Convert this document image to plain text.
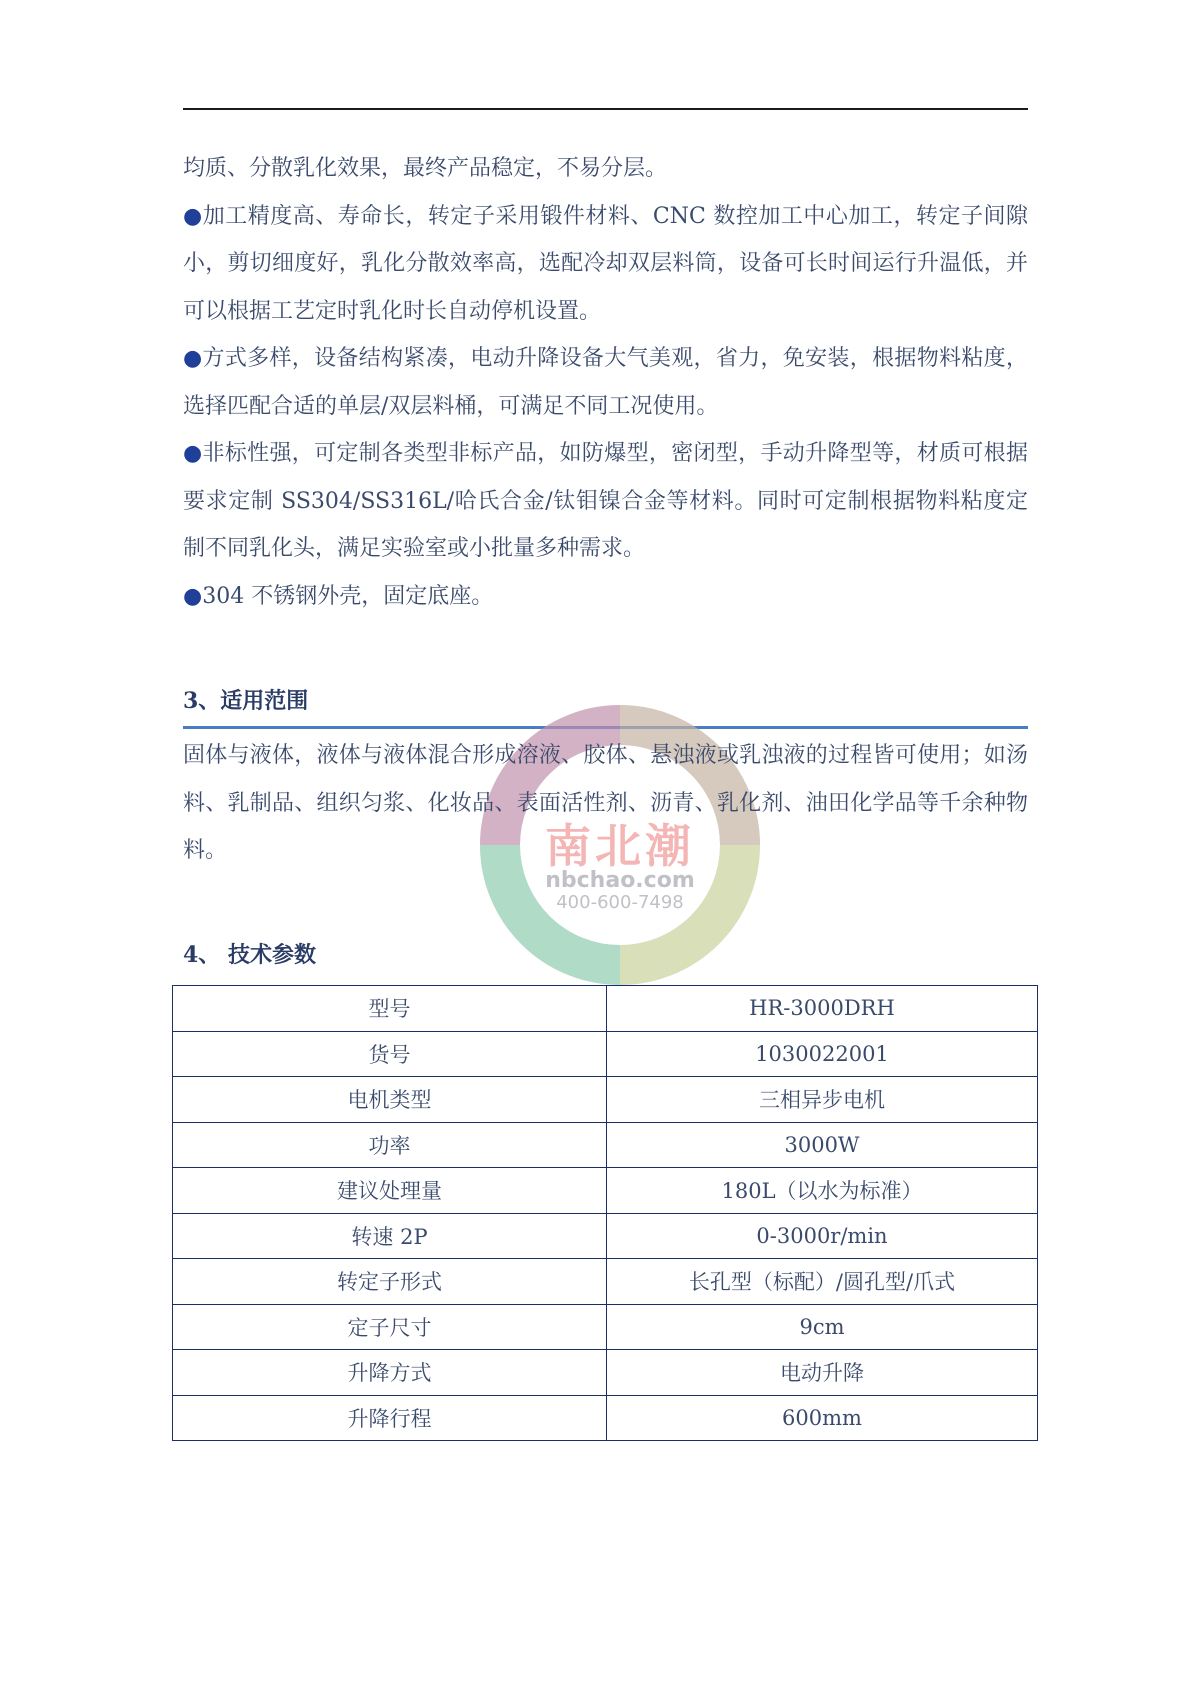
均质、分散乳化效果，最终产品稳定，不易分层。

●加工精度高、寿命长，转定子采用锻件材料、CNC 数控加工中心加工，转定子间隙小，剪切细度好，乳化分散效率高，选配冷却双层料筒，设备可长时间运行升温低，并可以根据工艺定时乳化时长自动停机设置。

●方式多样，设备结构紧凑，电动升降设备大气美观，省力，免安装，根据物料粘度，选择匹配合适的单层/双层料桶，可满足不同工况使用。

●非标性强，可定制各类型非标产品，如防爆型，密闭型，手动升降型等，材质可根据要求定制 SS304/SS316L/哈氏合金/钛钼镍合金等材料。同时可定制根据物料粘度定制不同乳化头，满足实验室或小批量多种需求。

●304 不锈钢外壳，固定底座。

3、适用范围
南北潮
nbchao.com
400-600-7498

固体与液体，液体与液体混合形成溶液、胶体、悬浊液或乳浊液的过程皆可使用；如汤料、乳制品、组织匀浆、化妆品、表面活性剂、沥青、乳化剂、油田化学品等千余种物料。

4、 技术参数
型号	HR-3000DRH
货号	1030022001
电机类型	三相异步电机
功率	3000W
建议处理量	180L（以水为标准）
转速 2P	0-3000r/min
转定子形式	长孔型（标配）/圆孔型/爪式
定子尺寸	9cm
升降方式	电动升降
升降行程	600mm
